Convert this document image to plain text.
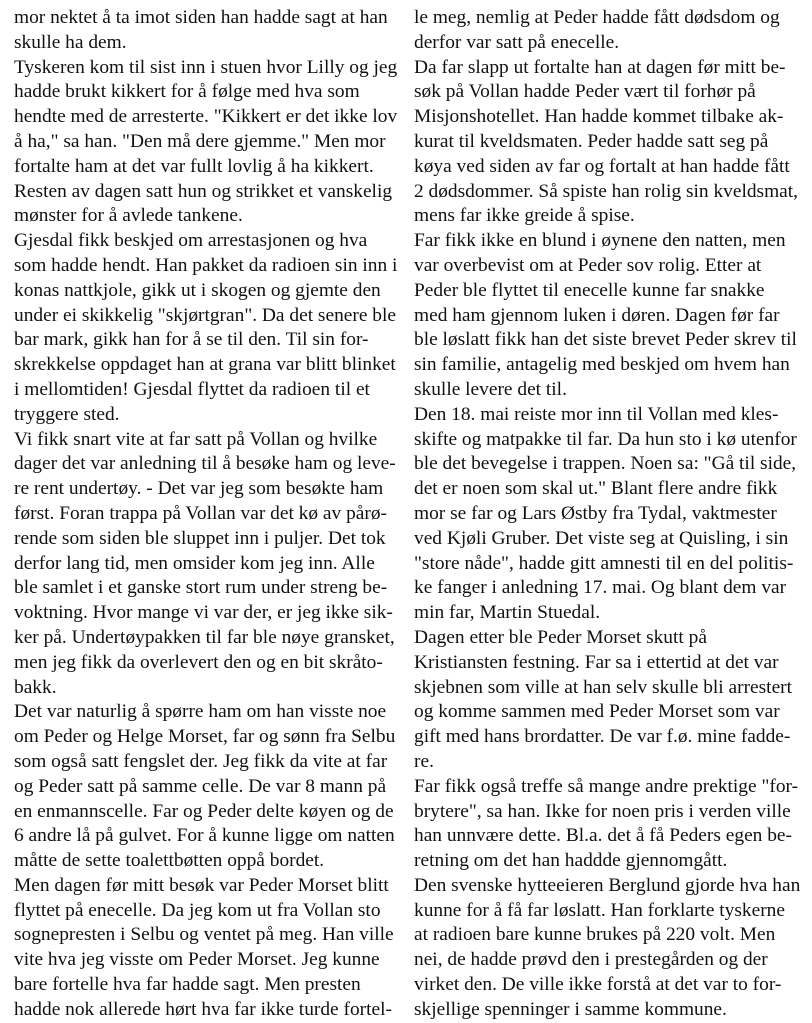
mor nektet å ta imot siden han hadde sagt at han
skulle ha dem.
Tyskeren kom til sist inn i stuen hvor Lilly og jeg
hadde brukt kikkert for å følge med hva som
hendte med de arresterte. "Kikkert er det ikke lov
å ha," sa han. "Den må dere gjemme." Men mor
fortalte ham at det var fullt lovlig å ha kikkert.
Resten av dagen satt hun og strikket et vanskelig
mønster for å avlede tankene.
Gjesdal fikk beskjed om arrestasjonen og hva
som hadde hendt. Han pakket da radioen sin inn i
konas nattkjole, gikk ut i skogen og gjemte den
under ei skikkelig "skjørtgran". Da det senere ble
bar mark, gikk han for å se til den. Til sin for-
skrekkelse oppdaget han at grana var blitt blinket
i mellomtiden! Gjesdal flyttet da radioen til et
tryggere sted.
Vi fikk snart vite at far satt på Vollan og hvilke
dager det var anledning til å besøke ham og leve-
re rent undertøy. - Det var jeg som besøkte ham
først. Foran trappa på Vollan var det kø av pårø-
rende som siden ble sluppet inn i puljer. Det tok
derfor lang tid, men omsider kom jeg inn. Alle
ble samlet i et ganske stort rum under streng be-
voktning. Hvor mange vi var der, er jeg ikke sik-
ker på. Undertøypakken til far ble nøye gransket,
men jeg fikk da overlevert den og en bit skråto-
bakk.
Det var naturlig å spørre ham om han visste noe
om Peder og Helge Morset, far og sønn fra Selbu
som også satt fengslet der. Jeg fikk da vite at far
og Peder satt på samme celle. De var 8 mann på
en enmannscelle. Far og Peder delte køyen og de
6 andre lå på gulvet. For å kunne ligge om natten
måtte de sette toalettbøtten oppå bordet.
Men dagen før mitt besøk var Peder Morset blitt
flyttet på enecelle. Da jeg kom ut fra Vollan sto
sognepresten i Selbu og ventet på meg. Han ville
vite hva jeg visste om Peder Morset. Jeg kunne
bare fortelle hva far hadde sagt. Men presten
hadde nok allerede hørt hva far ikke turde fortel-
le meg, nemlig at Peder hadde fått dødsdom og
derfor var satt på enecelle.
Da far slapp ut fortalte han at dagen før mitt be-
søk på Vollan hadde Peder vært til forhør på
Misjonshotellet. Han hadde kommet tilbake ak-
kurat til kveldsmaten. Peder hadde satt seg på
køya ved siden av far og fortalt at han hadde fått
2 dødsdommer. Så spiste han rolig sin kveldsmat,
mens far ikke greide å spise.
Far fikk ikke en blund i øynene den natten, men
var overbevist om at Peder sov rolig. Etter at
Peder ble flyttet til enecelle kunne far snakke
med ham gjennom luken i døren. Dagen før far
ble løslatt fikk han det siste brevet Peder skrev til
sin familie, antagelig med beskjed om hvem han
skulle levere det til.
Den 18. mai reiste mor inn til Vollan med kles-
skifte og matpakke til far. Da hun sto i kø utenfor
ble det bevegelse i trappen. Noen sa: "Gå til side,
det er noen som skal ut." Blant flere andre fikk
mor se far og Lars Østby fra Tydal, vaktmester
ved Kjøli Gruber. Det viste seg at Quisling, i sin
"store nåde", hadde gitt amnesti til en del politis-
ke fanger i anledning 17. mai. Og blant dem var
min far, Martin Stuedal.
Dagen etter ble Peder Morset skutt på
Kristiansten festning. Far sa i ettertid at det var
skjebnen som ville at han selv skulle bli arrestert
og komme sammen med Peder Morset som var
gift med hans brordatter. De var f.ø. mine fadde-
re.
Far fikk også treffe så mange andre prektige "for-
brytere", sa han. Ikke for noen pris i verden ville
han unnvære dette. Bl.a. det å få Peders egen be-
retning om det han haddde gjennomgått.
Den svenske hytteeieren Berglund gjorde hva han
kunne for å få far løslatt. Han forklarte tyskerne
at radioen bare kunne brukes på 220 volt. Men
nei, de hadde prøvd den i prestegården og der
virket den. De ville ikke forstå at det var to for-
skjellige spenninger i samme kommune.
